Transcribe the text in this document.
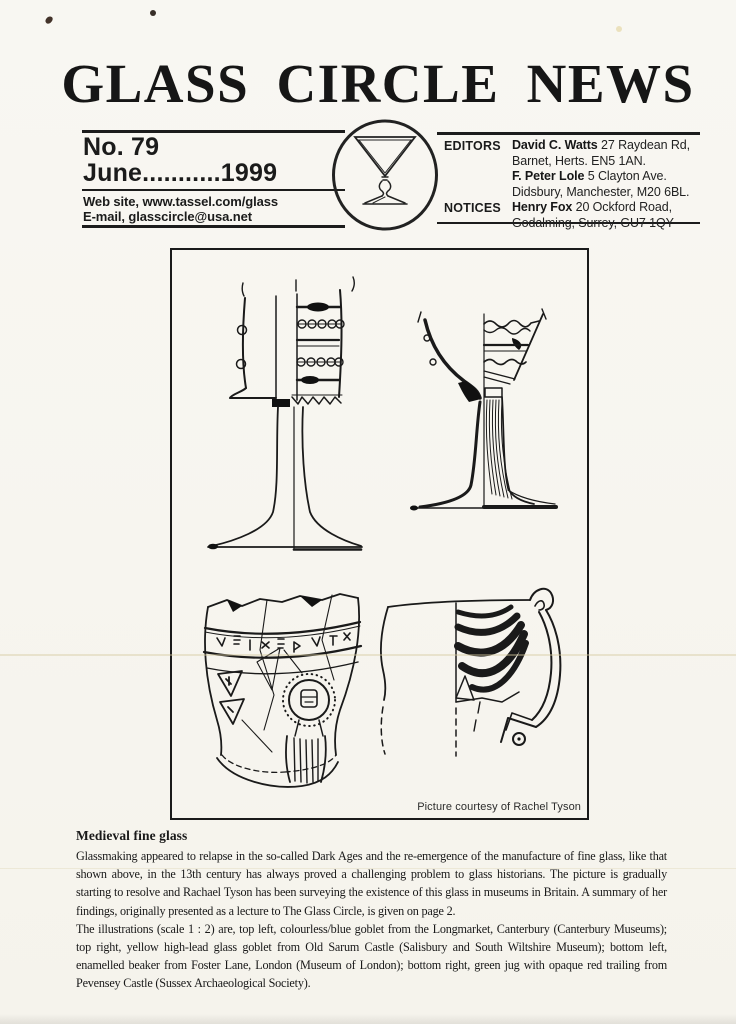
GLASS CIRCLE NEWS
No. 79
June...........1999
Web site, www.tassel.com/glass
E-mail, glasscircle@usa.net
EDITORS David C. Watts 27 Raydean Rd,
Barnet, Herts. EN5 1AN.
F. Peter Lole 5 Clayton Ave.
Didsbury, Manchester, M20 6BL.
NOTICES Henry Fox 20 Ockford Road,
Godalming, Surrey, GU7 1QY
Picture courtesy of Rachel Tyson
Medieval fine glass

Glassmaking appeared to relapse in the so-called Dark Ages and the re-emergence of the manufacture of fine glass, like that shown above, in the 13th century has always proved a challenging problem to glass historians. The picture is gradually starting to resolve and Rachael Tyson has been surveying the existence of this glass in museums in Britain. A summary of her findings, originally presented as a lecture to The Glass Circle, is given on page 2.

The illustrations (scale 1 : 2) are, top left, colourless/blue goblet from the Longmarket, Canterbury (Canterbury Museums); top right, yellow high-lead glass goblet from Old Sarum Castle (Salisbury and South Wiltshire Museum); bottom left, enamelled beaker from Foster Lane, London (Museum of London); bottom right, green jug with opaque red trailing from Pevensey Castle (Sussex Archaeological Society).
